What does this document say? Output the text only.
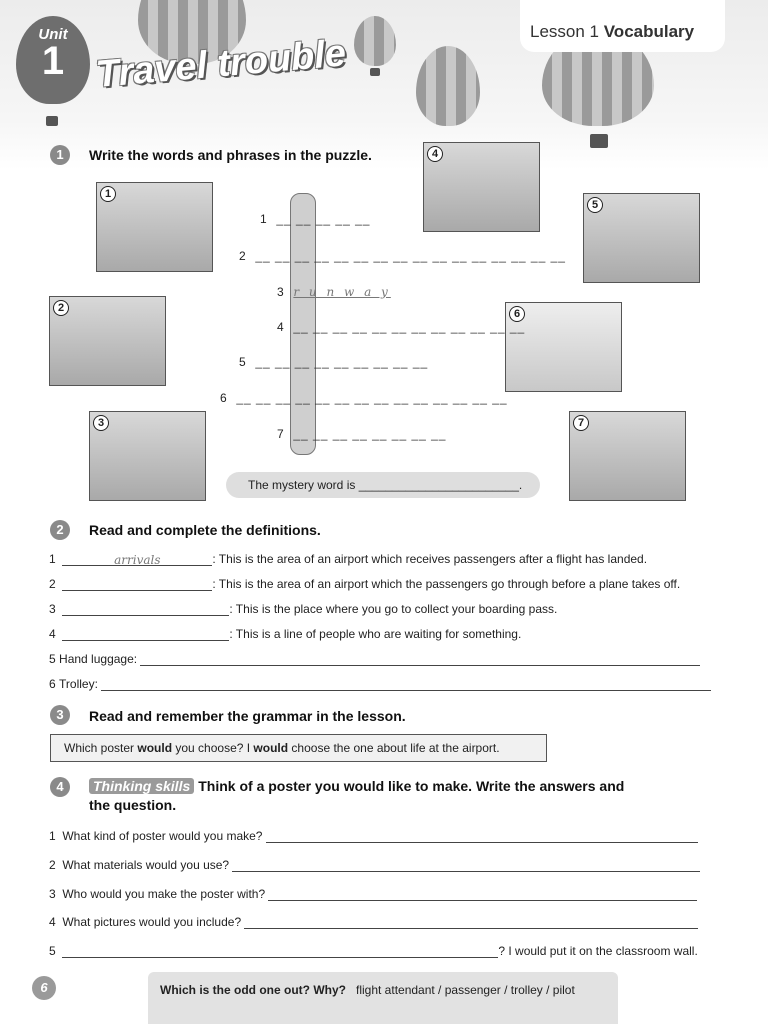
Unit
1 Travel trouble
Lesson 1 Vocabulary
1	Write the words and phrases in the puzzle.
1
2
3
4
5
6
7
1 __ __ __ __ __
2 __ __ __ __ __ __ __ __ __ __ __ __ __ __ __ __
3 r u n w a y
4 __ __ __ __ __ __ __ __ __ __ __ __
5 __ __ __ __ __ __ __ __ __
6 __ __ __ __ __ __ __ __ __ __ __ __ __ __
7 __ __ __ __ __ __ __ __
The mystery word is ________________________.
2	Read and complete the definitions.
1	arrivals	: This is the area of an airport which receives passengers after a flight has landed.
2	: This is the area of an airport which the passengers go through before a plane takes off.
3	: This is the place where you go to collect your boarding pass.
4	: This is a line of people who are waiting for something.
5 Hand luggage:
6 Trolley:
3	Read and remember the grammar in the lesson.
Which poster would you choose? I would choose the one about life at the airport.
4	Thinking skills Think of a poster you would like to make. Write the answers and
the question.
1 What kind of poster would you make?
2 What materials would you use?
3 Who would you make the poster with?
4 What pictures would you include?
5	? I would put it on the classroom wall.
6	Which is the odd one out? Why? flight attendant / passenger / trolley / pilot
